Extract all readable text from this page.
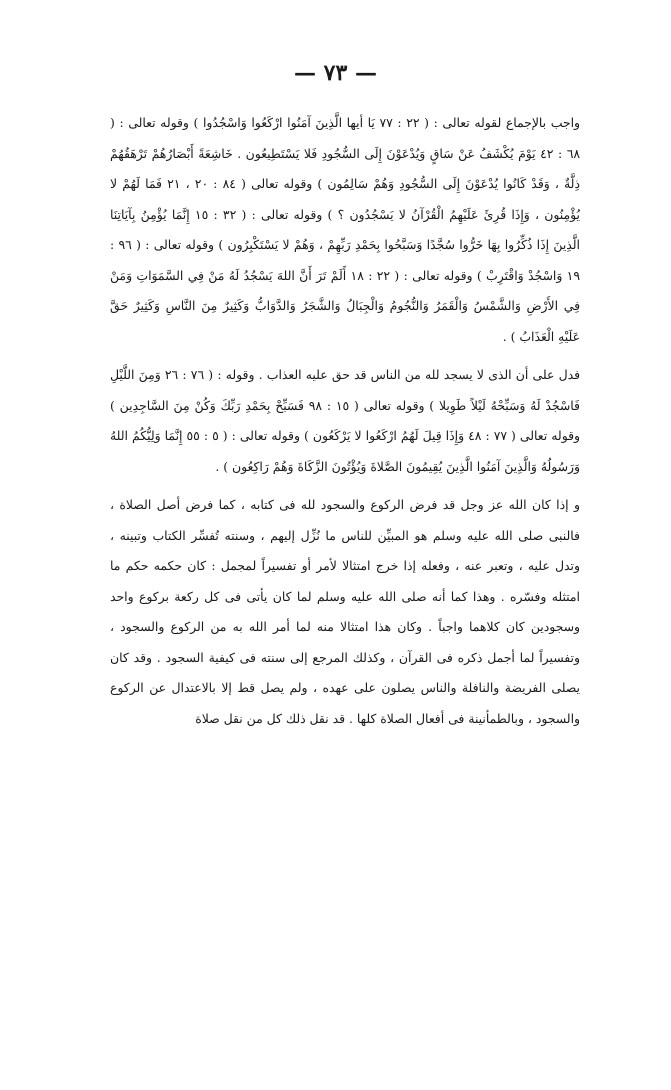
— ٧٣ —

واجب بالإجماع لقوله تعالى : ( ٢٢ : ٧٧ يَا أيها الَّذِينَ آمَنُوا ارْكَعُوا وَاسْجُدُوا ) وقوله تعالى : ( ٦٨ : ٤٢ يَوْمَ يُكْشَفُ عَنْ سَاقٍ وَيُدْعَوْنَ إِلَى السُّجُودِ فَلا يَسْتَطِيعُون . خَاشِعَةً أَبْصَارُهُمْ تَرْهَقُهُمْ ذِلَّةٌ ، وَقَدْ كَانُوا يُدْعَوْنَ إِلَى السُّجُودِ وَهُمْ سَالِمُون ) وقوله تعالى ( ٨٤ : ٢٠ ، ٢١ فَمَا لَهُمْ لا يُؤْمِنُون ، وَإِذَا قُرِئَ عَلَيْهِمُ الْقُرْآنُ لا يَسْجُدُون ؟ ) وقوله تعالى : ( ٣٢ : ١٥ إِنَّمَا يُؤْمِنُ بِآيَاتِنَا الَّذِينَ إِذَا ذُكِّرُوا بِهَا خَرُّوا سُجَّدًا وَسَبَّحُوا بِحَمْدِ رَبِّهِمْ ، وَهُمْ لا يَسْتَكْبِرُون ) وقوله تعالى : ( ٩٦ : ١٩ وَاسْجُدْ وَاقْتَرِبْ ) وقوله تعالى : ( ٢٢ : ١٨ أَلَمْ تَرَ أَنَّ اللهَ يَسْجُدُ لَهُ مَنْ فِي السَّمَوَاتِ وَمَنْ فِي الأَرْضِ وَالشَّمْسُ وَالْقَمَرُ وَالنُّجُومُ وَالْجِبَالُ وَالشَّجَرُ وَالدَّوَابُّ وَكَثِيرٌ مِنَ النَّاسِ وَكَثِيرٌ حَقَّ عَلَيْهِ الْعَذَابُ ) .

فدل على أن الذى لا يسجد لله من الناس قد حق عليه العذاب . وقوله : ( ٧٦ : ٢٦ وَمِنَ اللَّيْلِ فَاسْجُدْ لَهُ وَسَبِّحْهُ لَيْلاً طَوِيلا ) وقوله تعالى ( ١٥ : ٩٨ فَسَبِّحْ بِحَمْدِ رَبِّكَ وَكُنْ مِنَ السَّاجِدِين ) وقوله تعالى ( ٧٧ : ٤٨ وَإِذَا قِيلَ لَهُمُ ارْكَعُوا لا يَرْكَعُون ) وقوله تعالى : ( ٥ : ٥٥ إِنَّمَا وَلِيُّكُمُ اللهُ وَرَسُولُهُ وَالَّذِينَ آمَنُوا الَّذِينَ يُقِيمُونَ الصَّلاةَ وَيُؤْتُونَ الزَّكَاةَ وَهُمْ رَاكِعُون ) .

و إذا كان الله عز وجل قد فرض الركوع والسجود لله فى كتابه ، كما فرض أصل الصلاة ، فالنبى صلى الله عليه وسلم هو المبيِّن للناس ما نُزِّل إليهم ، وسنته تُفسِّر الكتاب وتبينه ، وتدل عليه ، وتعبر عنه ، وفعله إذا خرج امتثالا لأمر أو تفسيراً لمجمل : كان حكمه حكم ما امتثله وفسّره . وهذا كما أنه صلى الله عليه وسلم لما كان يأتى فى كل ركعة بركوع واحد وسجودين كان كلاهما واجباً . وكان هذا امتثالا منه لما أمر الله به من الركوع والسجود ، وتفسيراً لما أجمل ذكره فى القرآن ، وكذلك المرجع إلى سنته فى كيفية السجود . وقد كان يصلى الفريضة والنافلة والناس يصلون على عهده ، ولم يصل قط إلا بالاعتدال عن الركوع والسجود ، وبالطمأنينة فى أفعال الصلاة كلها . قد نقل ذلك كل من نقل صلاة
